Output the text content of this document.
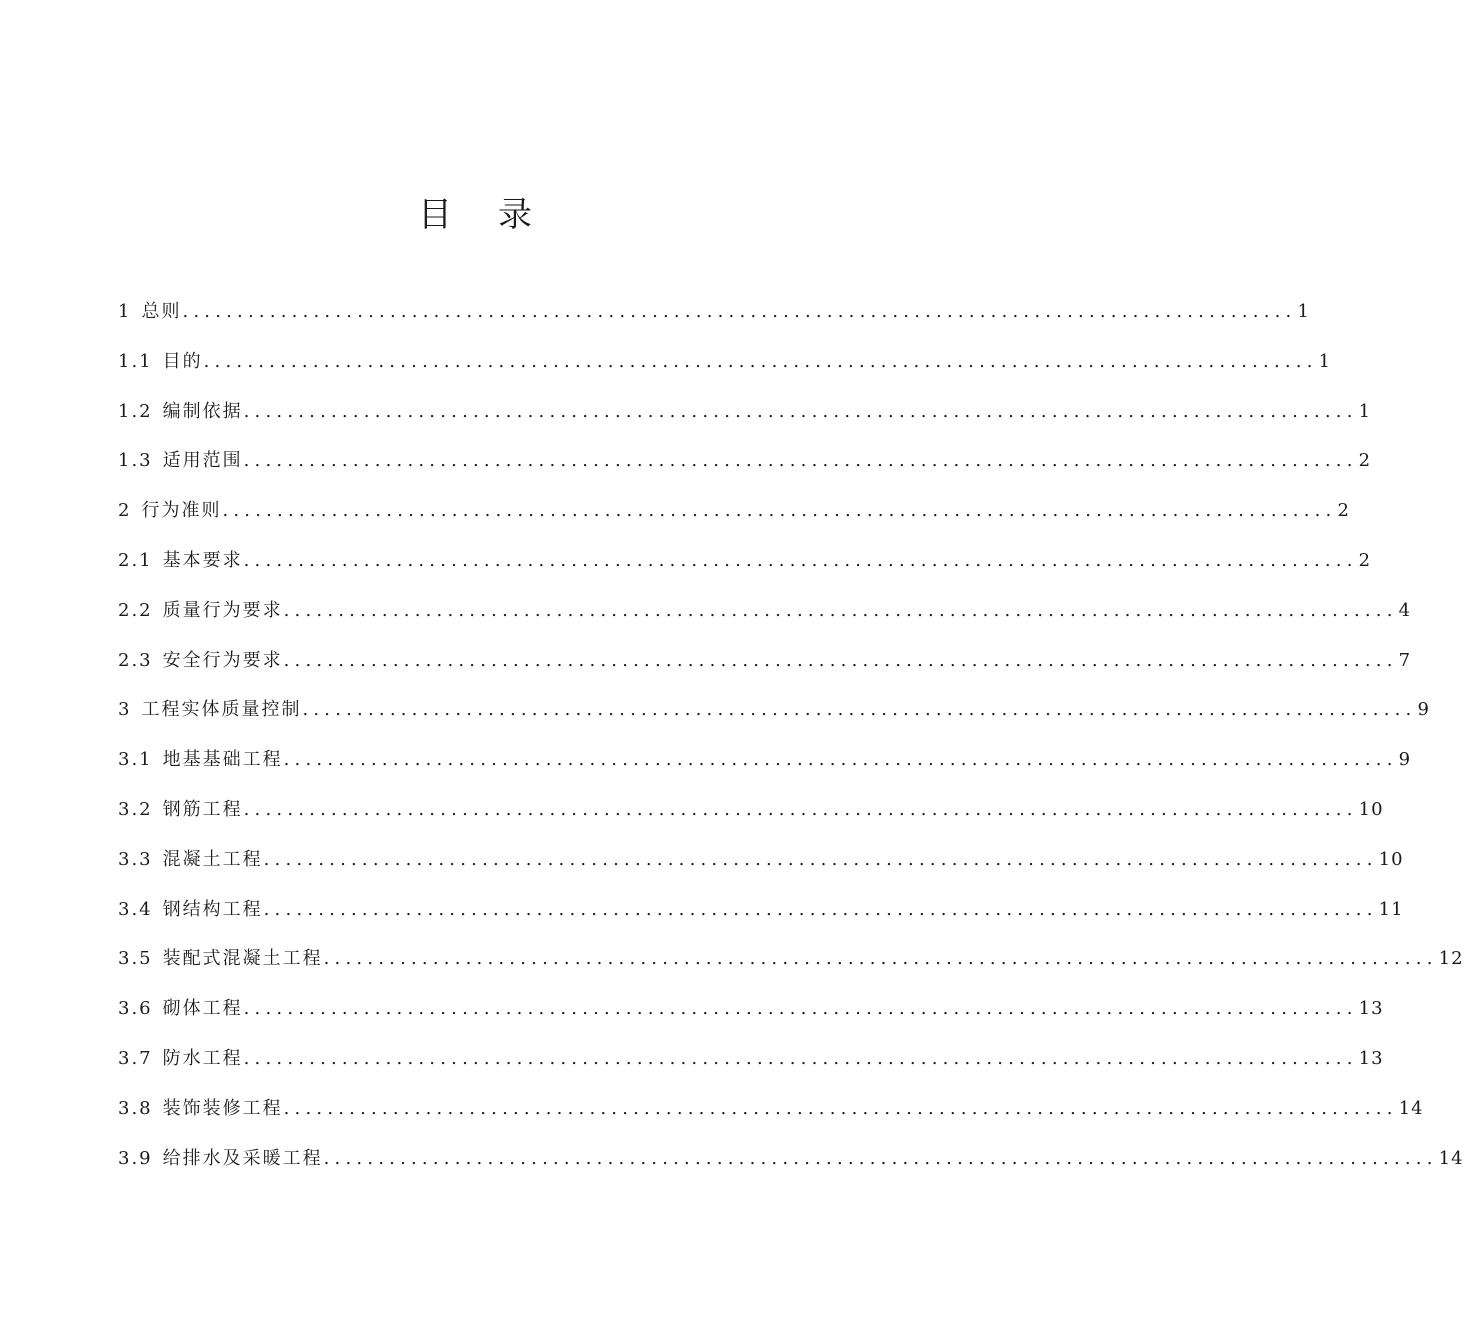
目 录
1 总则 ...................................................................................................... 1
1.1 目的 ...................................................................................................... 1
1.2 编制依据 ...................................................................................................... 1
1.3 适用范围 ...................................................................................................... 2
2 行为准则 ...................................................................................................... 2
2.1 基本要求 ...................................................................................................... 2
2.2 质量行为要求 ...................................................................................................... 4
2.3 安全行为要求 ...................................................................................................... 7
3 工程实体质量控制 ...................................................................................................... 9
3.1 地基基础工程 ...................................................................................................... 9
3.2 钢筋工程 ...................................................................................................... 10
3.3 混凝土工程 ...................................................................................................... 10
3.4 钢结构工程 ...................................................................................................... 11
3.5 装配式混凝土工程 ...................................................................................................... 12
3.6 砌体工程 ...................................................................................................... 13
3.7 防水工程 ...................................................................................................... 13
3.8 装饰装修工程 ...................................................................................................... 14
3.9 给排水及采暖工程 ...................................................................................................... 14
